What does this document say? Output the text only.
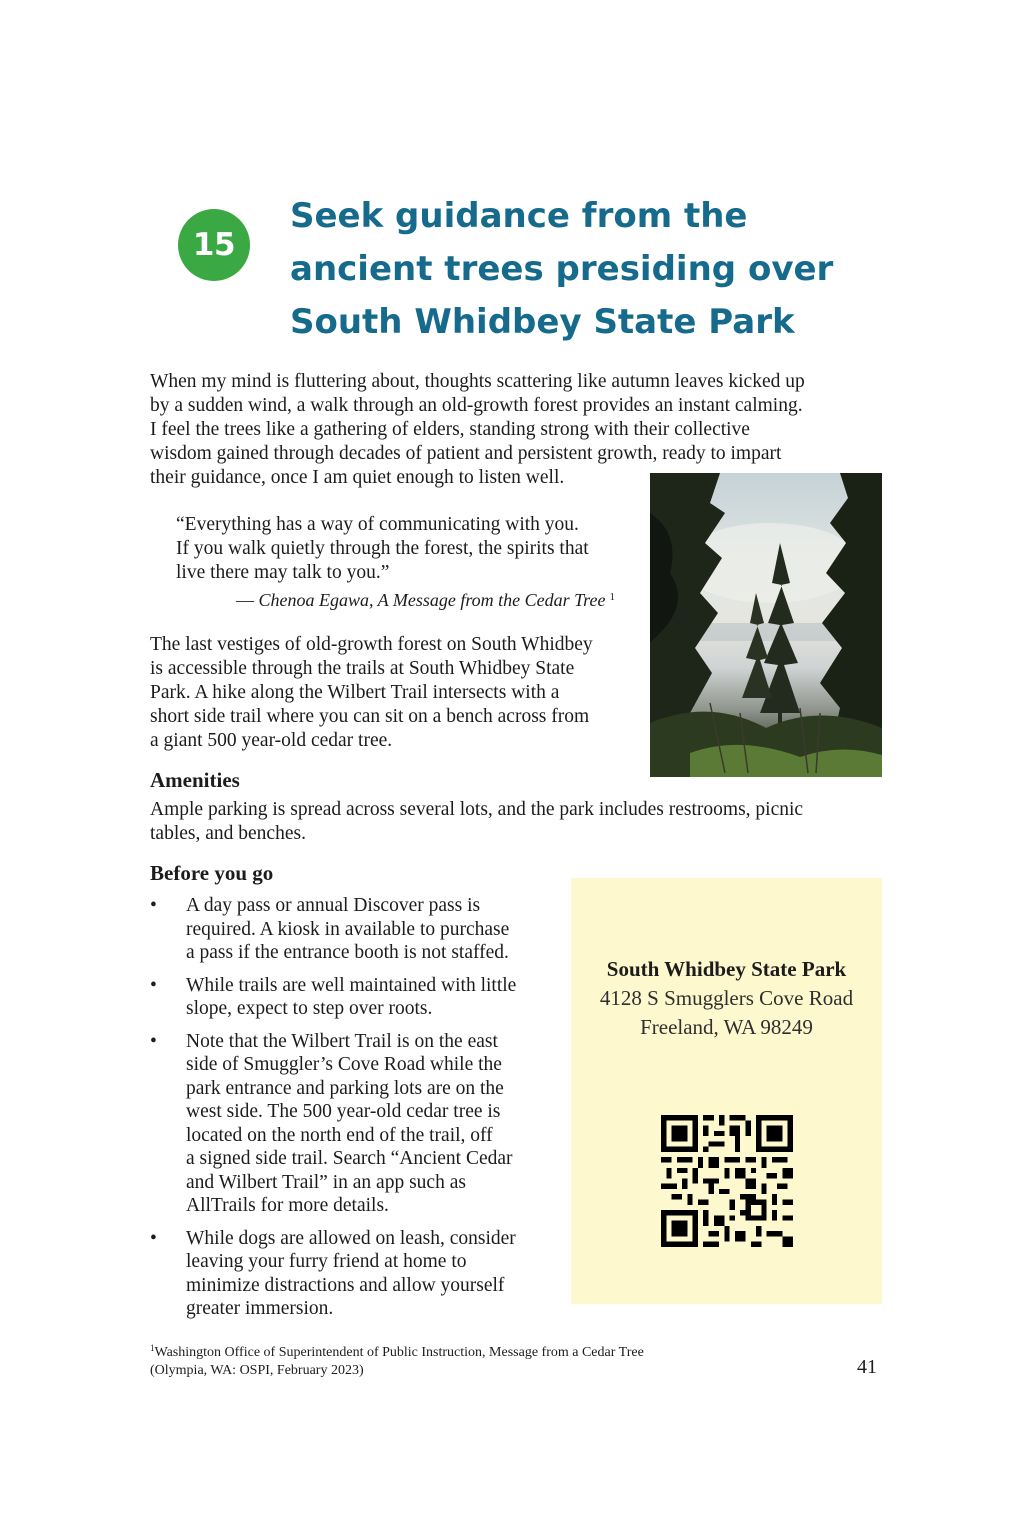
15
Seek guidance from the
ancient trees presiding over
South Whidbey State Park

When my mind is fluttering about, thoughts scattering like autumn leaves kicked up
by a sudden wind, a walk through an old-growth forest provides an instant calming.
I feel the trees like a gathering of elders, standing strong with their collective
wisdom gained through decades of patient and persistent growth, ready to impart
their guidance, once I am quiet enough to listen well.

“Everything has a way of communicating with you.
If you walk quietly through the forest, the spirits that
live there may talk to you.”
— Chenoa Egawa, A Message from the Cedar Tree $^1$

The last vestiges of old-growth forest on South Whidbey
is accessible through the trails at South Whidbey State
Park. A hike along the Wilbert Trail intersects with a
short side trail where you can sit on a bench across from
a giant 500 year-old cedar tree.

Amenities

Ample parking is spread across several lots, and the park includes restrooms, picnic
tables, and benches.

Before you go
• A day pass or annual Discover pass is
required. A kiosk in available to purchase
a pass if the entrance booth is not staffed.
• While trails are well maintained with little
slope, expect to step over roots.
• Note that the Wilbert Trail is on the east
side of Smuggler’s Cove Road while the
park entrance and parking lots are on the
west side. The 500 year-old cedar tree is
located on the north end of the trail, off
a signed side trail. Search “Ancient Cedar
and Wilbert Trail” in an app such as
AllTrails for more details.
• While dogs are allowed on leash, consider
leaving your furry friend at home to
minimize distractions and allow yourself
greater immersion.
South Whidbey State Park
4128 S Smugglers Cove Road
Freeland, WA 98249
$^1$Washington Office of Superintendent of Public Instruction, Message from a Cedar Tree
(Olympia, WA: OSPI, February 2023)	41
